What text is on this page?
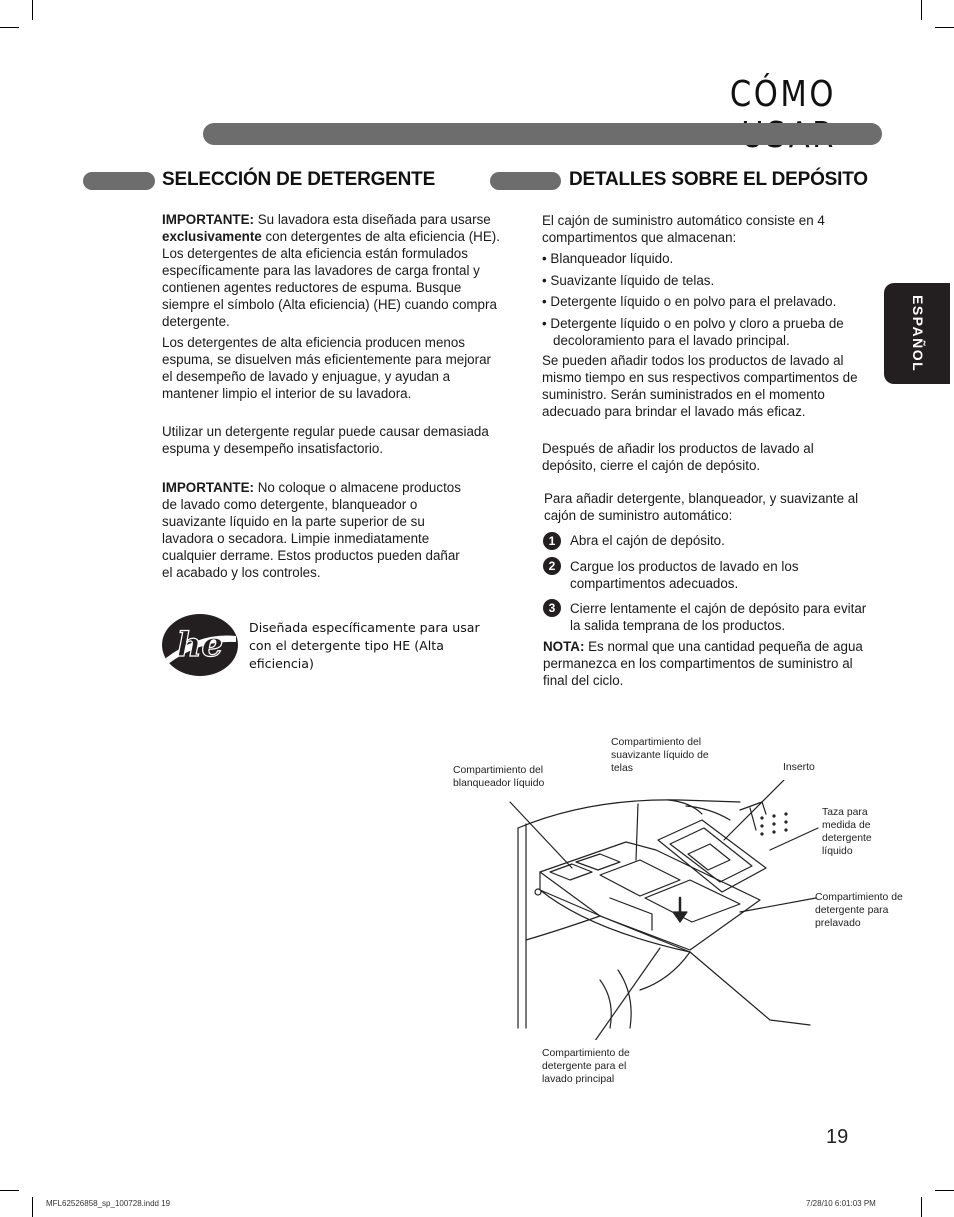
CÓMO
ESPAÑOL
SELECCIÓN DE DETERGENTE

IMPORTANTE: Su lavadora esta diseñada para usarse exclusivamente con detergentes de alta eficiencia (HE). Los detergentes de alta eficiencia están formulados específicamente para las lavadores de carga frontal y contienen agentes reductores de espuma. Busque siempre el símbolo (Alta eficiencia) (HE) cuando compra detergente.

Los detergentes de alta eficiencia producen menos espuma, se disuelven más eficientemente para mejorar el desempeño de lavado y enjuague, y ayudan a mantener limpio el interior de su lavadora.

Utilizar un detergente regular puede causar demasiada espuma y desempeño insatisfactorio.

IMPORTANTE: No coloque o almacene productos de lavado como detergente, blanqueador o suavizante líquido en la parte superior de su lavadora o secadora. Limpie inmediatamente cualquier derrame. Estos productos pueden dañar el acabado y los controles.

he Diseñada específicamente para usar con el detergente tipo HE (Alta eficiencia)
DETALLES SOBRE EL DEPÓSITO

El cajón de suministro automático consiste en 4 compartimentos que almacenan:

• Blanqueador líquido.
• Suavizante líquido de telas.
• Detergente líquido o en polvo para el prelavado.
• Detergente líquido o en polvo y cloro a prueba de decoloramiento para el lavado principal.

Se pueden añadir todos los productos de lavado al mismo tiempo en sus respectivos compartimentos de suministro. Serán suministrados en el momento adecuado para brindar el lavado más eficaz.

Después de añadir los productos de lavado al depósito, cierre el cajón de depósito.

Para añadir detergente, blanqueador, y suavizante al cajón de suministro automático:

1	Abra el cajón de depósito.
2	Cargue los productos de lavado en los compartimentos adecuados.
3	Cierre lentamente el cajón de depósito para evitar la salida temprana de los productos.

NOTA: Es normal que una cantidad pequeña de agua permanezca en los compartimentos de suministro al final del ciclo.

Compartimiento del blanqueador líquido
Compartimiento del suavizante líquido de telas	Inserto
Taza para medida de detergente líquido
Compartimiento de detergente para prelavado
Compartimiento de detergente para el lavado principal
19
MFL62526858_sp_100728.indd 19	7/28/10 6:01:03 PM
